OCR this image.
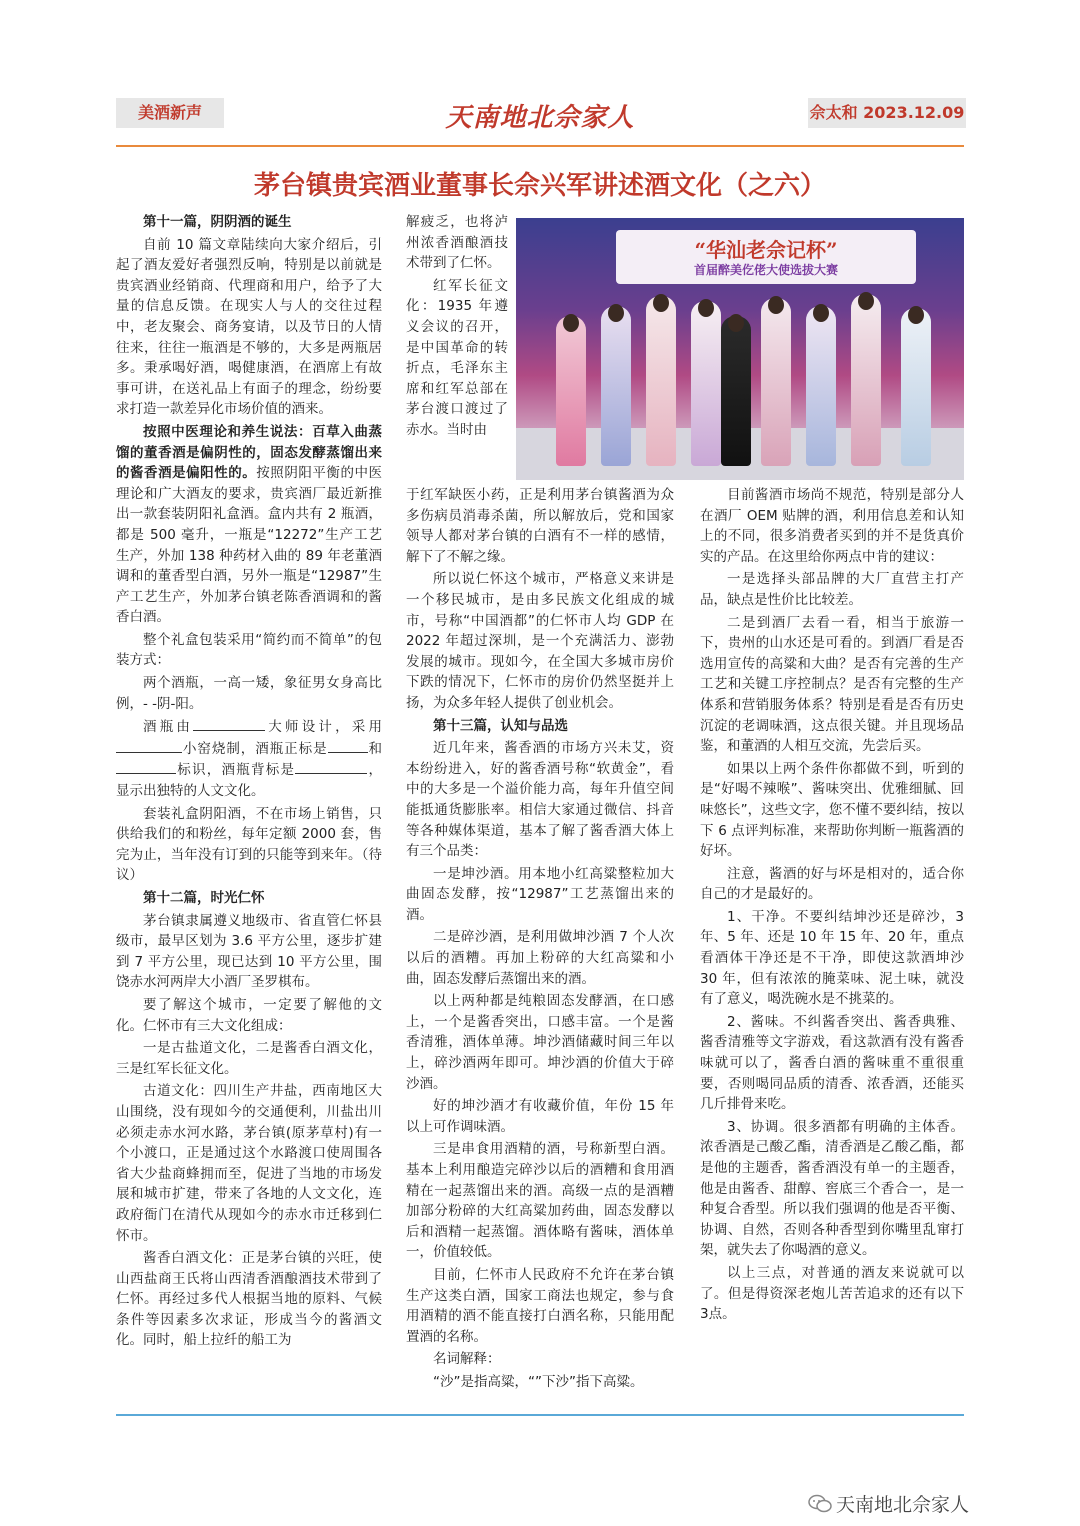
美酒新声	天南地北佘家人	佘太和 2023.12.09
茅台镇贵宾酒业董事长佘兴军讲述酒文化（之六）

第十一篇，阴阴酒的诞生

自前 10 篇文章陆续向大家介绍后，引起了酒友爱好者强烈反响，特别是以前就是贵宾酒业经销商、代理商和用户，给予了大量的信息反馈。在现实人与人的交往过程中，老友聚会、商务宴请，以及节日的人情往来，往往一瓶酒是不够的，大多是两瓶居多。秉承喝好酒，喝健康酒，在酒席上有故事可讲，在送礼品上有面子的理念，纷纷要求打造一款差异化市场价值的酒来。

按照中医理论和养生说法：百草入曲蒸馏的董香酒是偏阴性的，固态发酵蒸馏出来的酱香酒是偏阳性的。按照阴阳平衡的中医理论和广大酒友的要求，贵宾酒厂最近新推出一款套装阴阳礼盒酒。盒内共有 2 瓶酒，都是 500 毫升，一瓶是“12272”生产工艺生产，外加 138 种药材入曲的 89 年老董酒调和的董香型白酒，另外一瓶是“12987”生产工艺生产，外加茅台镇老陈香酒调和的酱香白酒。

整个礼盒包装采用“简约而不简单”的包装方式：

两个酒瓶，一高一矮，象征男女身高比例，- -阴-阳。

酒瓶由	大师设计，采用小窑烧制，酒瓶正标是	和标识，酒瓶背标是	，显示出独特的人文文化。

套装礼盒阴阳酒，不在市场上销售，只供给我们的和粉丝，每年定额 2000 套，售完为止，当年没有订到的只能等到来年。（待议）

第十二篇，时光仁怀

茅台镇隶属遵义地级市、省直管仁怀县级市，最早区划为 3.6 平方公里，逐步扩建到 7 平方公里，现已达到 10 平方公里，围饶赤水河两岸大小酒厂圣罗棋布。

要了解这个城市，一定要了解他的文化。仁怀市有三大文化组成：

一是古盐道文化，二是酱香白酒文化，三是红军长征文化。

古道文化：四川生产井盐，西南地区大山围绕，没有现如今的交通便利，川盐出川必须走赤水河水路，茅台镇(原茅草村)有一个小渡口，正是通过这个水路渡口使周围各省大少盐商蜂拥而至，促进了当地的市场发展和城市扩建，带来了各地的人文文化，连政府衙门在清代从现如今的赤水市迁移到仁怀市。

酱香白酒文化：正是茅台镇的兴旺，使山西盐商王氏将山西清香酒酿酒技术带到了仁怀。再经过多代人根据当地的原料、气候条件等因素多次求证，形成当今的酱酒文化。同时，船上拉纤的船工为

解疲乏，也将泸州浓香酒酿酒技术带到了仁怀。

红军长征文化：1935 年遵义会议的召开，是中国革命的转折点，毛泽东主席和红军总部在茅台渡口渡过了赤水。当时由

“华汕老佘记杯”
首届醉美仡佬大使选拔大赛

于红军缺医小药，正是利用茅台镇酱酒为众多伤病员消毒杀菌，所以解放后，党和国家领导人都对茅台镇的白酒有不一样的感情，解下了不解之缘。

所以说仁怀这个城市，严格意义来讲是一个移民城市，是由多民族文化组成的城市，号称“中国酒都”的仁怀市人均 GDP 在 2022 年超过深圳，是一个充满活力、澎勃发展的城市。现如今，在全国大多城市房价下跌的情况下，仁怀市的房价仍然坚挺并上扬，为众多年轻人提供了创业机会。

第十三篇，认知与品选

近几年来，酱香酒的市场方兴未艾，资本纷纷进入，好的酱香酒号称“软黄金”，看中的大多是一个溢价能力高，每年升值空间能抵通货膨胀率。相信大家通过微信、抖音等各种媒体渠道，基本了解了酱香酒大体上有三个品类：

一是坤沙酒。用本地小红高粱整粒加大曲固态发酵，按“12987”工艺蒸馏出来的酒。

二是碎沙酒，是利用做坤沙酒 7 个人次以后的酒糟。再加上粉碎的大红高粱和小曲，固态发酵后蒸馏出来的酒。

以上两种都是纯粮固态发酵酒，在口感上，一个是酱香突出，口感丰富。一个是酱香清雅，酒体单薄。坤沙酒储藏时间三年以上，碎沙酒两年即可。坤沙酒的价值大于碎沙酒。

好的坤沙酒才有收藏价值，年份 15 年以上可作调味酒。

三是串食用酒精的酒，号称新型白酒。基本上利用酿造完碎沙以后的酒糟和食用酒精在一起蒸馏出来的酒。高级一点的是酒糟加部分粉碎的大红高粱加药曲，固态发酵以后和酒精一起蒸馏。酒体略有酱味，酒体单一，价值较低。

目前，仁怀市人民政府不允许在茅台镇生产这类白酒，国家工商法也规定，参与食用酒精的酒不能直接打白酒名称，只能用配置酒的名称。

名词解释：

“沙”是指高粱，“”下沙”指下高粱。

目前酱酒市场尚不规范，特别是部分人在酒厂 OEM 贴牌的酒，利用信息差和认知上的不同，很多消费者买到的并不是货真价实的产品。在这里给你两点中肯的建议：

一是选择头部品牌的大厂直营主打产品，缺点是性价比比较差。

二是到酒厂去看一看，相当于旅游一下，贵州的山水还是可看的。到酒厂看是否选用宣传的高粱和大曲？是否有完善的生产工艺和关键工序控制点？是否有完整的生产体系和营销服务体系？特别是看是否有历史沉淀的老调味酒，这点很关键。并且现场品鉴，和董酒的人相互交流，先尝后买。

如果以上两个条件你都做不到，听到的是“好喝不辣喉”、酱味突出、优雅细腻、回味悠长”，这些文字，您不懂不要纠结，按以下 6 点评判标准，来帮助你判断一瓶酱酒的好坏。

注意，酱酒的好与坏是相对的，适合你自己的才是最好的。

1、干净。不要纠结坤沙还是碎沙，3 年、5 年、还是 10 年 15 年、20 年，重点看酒体干净还是不干净，即使这款酒坤沙 30 年，但有浓浓的腌菜味、泥土味，就没有了意义，喝洗碗水是不挑菜的。

2、酱味。不纠酱香突出、酱香典雅、酱香清雅等文字游戏，看这款酒有没有酱香味就可以了，酱香白酒的酱味重不重很重要，否则喝同品质的清香、浓香酒，还能买几斤排骨来吃。

3、协调。很多酒都有明确的主体香。浓香酒是己酸乙酯，清香酒是乙酸乙酯，都是他的主题香，酱香酒没有单一的主题香，他是由酱香、甜醇、窖底三个香合一，是一种复合香型。所以我们强调的他是否平衡、协调、自然，否则各种香型到你嘴里乱窜打架，就失去了你喝酒的意义。

以上三点，对普通的酒友来说就可以了。但是得资深老炮儿苦苦追求的还有以下 3点。

天南地北佘家人
